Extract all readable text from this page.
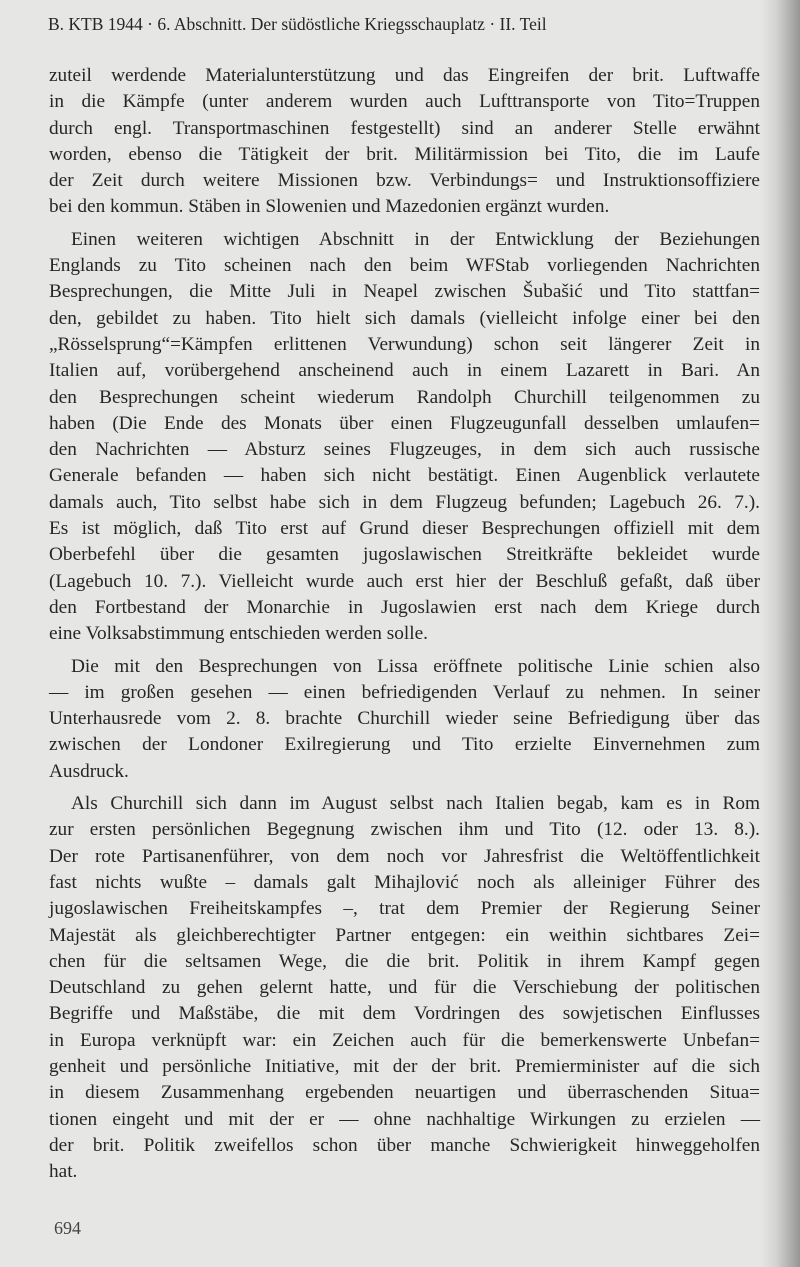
B. KTB 1944 · 6. Abschnitt. Der südöstliche Kriegsschauplatz · II. Teil
zuteil werdende Materialunterstützung und das Eingreifen der brit. Luftwaffe
in die Kämpfe (unter anderem wurden auch Lufttransporte von Tito=Truppen
durch engl. Transportmaschinen festgestellt) sind an anderer Stelle erwähnt
worden, ebenso die Tätigkeit der brit. Militärmission bei Tito, die im Laufe
der Zeit durch weitere Missionen bzw. Verbindungs= und Instruktionsoffiziere
bei den kommun. Stäben in Slowenien und Mazedonien ergänzt wurden.
Einen weiteren wichtigen Abschnitt in der Entwicklung der Beziehungen
Englands zu Tito scheinen nach den beim WFStab vorliegenden Nachrichten
Besprechungen, die Mitte Juli in Neapel zwischen Šubašić und Tito stattfan=
den, gebildet zu haben. Tito hielt sich damals (vielleicht infolge einer bei den
„Rösselsprung“=Kämpfen erlittenen Verwundung) schon seit längerer Zeit in
Italien auf, vorübergehend anscheinend auch in einem Lazarett in Bari. An
den Besprechungen scheint wiederum Randolph Churchill teilgenommen zu
haben (Die Ende des Monats über einen Flugzeugunfall desselben umlaufen=
den Nachrichten — Absturz seines Flugzeuges, in dem sich auch russische
Generale befanden — haben sich nicht bestätigt. Einen Augenblick verlautete
damals auch, Tito selbst habe sich in dem Flugzeug befunden; Lagebuch 26. 7.).
Es ist möglich, daß Tito erst auf Grund dieser Besprechungen offiziell mit dem
Oberbefehl über die gesamten jugoslawischen Streitkräfte bekleidet wurde
(Lagebuch 10. 7.). Vielleicht wurde auch erst hier der Beschluß gefaßt, daß über
den Fortbestand der Monarchie in Jugoslawien erst nach dem Kriege durch
eine Volksabstimmung entschieden werden solle.
Die mit den Besprechungen von Lissa eröffnete politische Linie schien also
— im großen gesehen — einen befriedigenden Verlauf zu nehmen. In seiner
Unterhausrede vom 2. 8. brachte Churchill wieder seine Befriedigung über das
zwischen der Londoner Exilregierung und Tito erzielte Einvernehmen zum
Ausdruck.
Als Churchill sich dann im August selbst nach Italien begab, kam es in Rom
zur ersten persönlichen Begegnung zwischen ihm und Tito (12. oder 13. 8.).
Der rote Partisanenführer, von dem noch vor Jahresfrist die Weltöffentlichkeit
fast nichts wußte – damals galt Mihajlović noch als alleiniger Führer des
jugoslawischen Freiheitskampfes –, trat dem Premier der Regierung Seiner
Majestät als gleichberechtigter Partner entgegen: ein weithin sichtbares Zei=
chen für die seltsamen Wege, die die brit. Politik in ihrem Kampf gegen
Deutschland zu gehen gelernt hatte, und für die Verschiebung der politischen
Begriffe und Maßstäbe, die mit dem Vordringen des sowjetischen Einflusses
in Europa verknüpft war: ein Zeichen auch für die bemerkenswerte Unbefan=
genheit und persönliche Initiative, mit der der brit. Premierminister auf die sich
in diesem Zusammenhang ergebenden neuartigen und überraschenden Situa=
tionen eingeht und mit der er — ohne nachhaltige Wirkungen zu erzielen —
der brit. Politik zweifellos schon über manche Schwierigkeit hinweggeholfen
hat.
694
